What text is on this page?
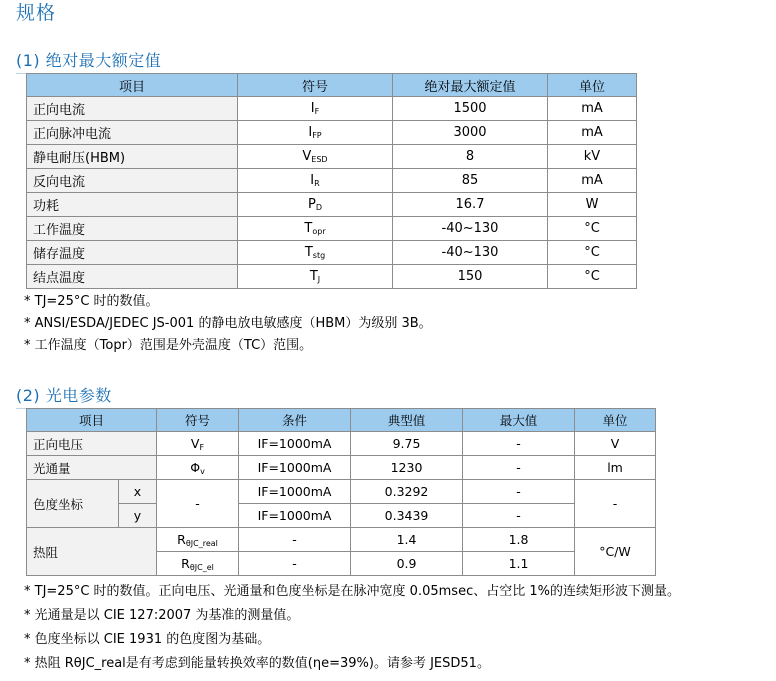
规格
(1) 绝对最大额定值
项目	符号	绝对最大额定值	单位
正向电流	IF	1500	mA
正向脉冲电流	IFP	3000	mA
静电耐压(HBM)	VESD	8	kV
反向电流	IR	85	mA
功耗	PD	16.7	W
工作温度	Topr	-40~130	°C
储存温度	Tstg	-40~130	°C
结点温度	TJ	150	°C
(2) 光电参数
项目		符号	条件	典型值	最大值	单位
正向电压		VF	IF=1000mA	9.75	-	V
光通量		Φv	IF=1000mA	1230	-	lm
色度坐标	x	-	IF=1000mA	0.3292	-	-
	y		IF=1000mA	0.3439	-	
热阻		RθJC_real	-	1.4	1.8	°C/W
		RθJC_el	-	0.9	1.1	
* TJ=25°C 时的数值。
* ANSI/ESDA/JEDEC JS-001 的静电放电敏感度（HBM）为级别 3B。
* 工作温度（Topr）范围是外壳温度（TC）范围。
* TJ=25°C 时的数值。正向电压、光通量和色度坐标是在脉冲宽度 0.05msec、占空比 1%的连续矩形波下测量。
* 光通量是以 CIE 127:2007 为基准的测量值。
* 色度坐标以 CIE 1931 的色度图为基础。
* 热阻 RθJC_real是有考虑到能量转换效率的数值(ηe=39%)。请参考 JESD51。
